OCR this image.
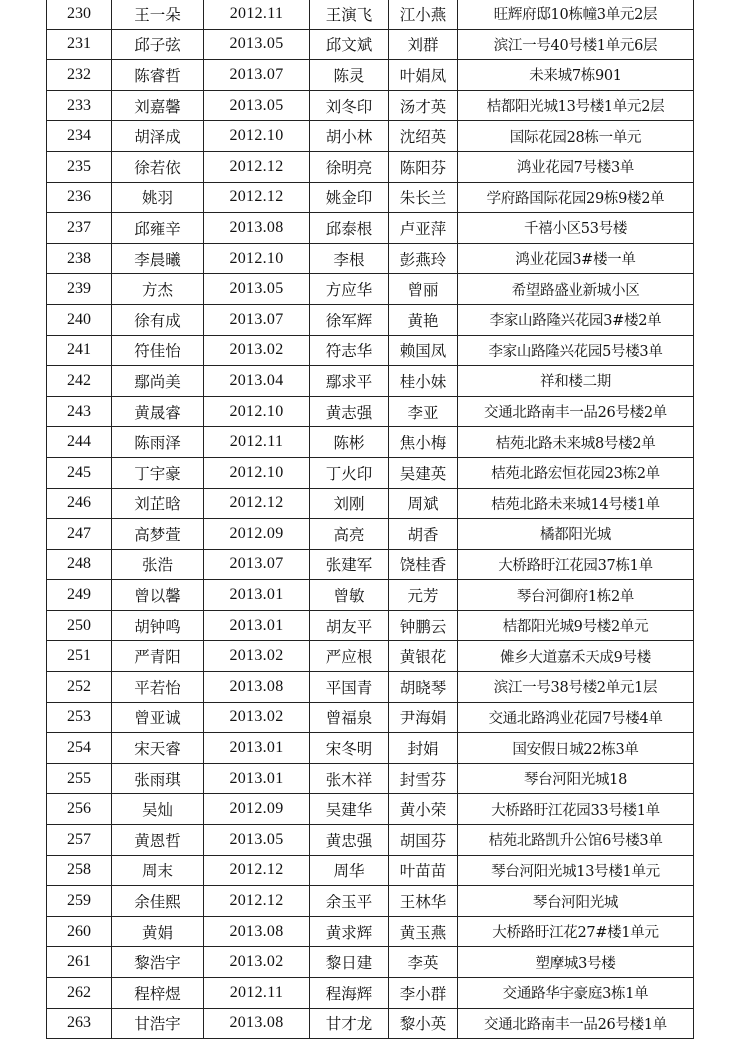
230	王一朵	2012.11	王演飞	江小燕	旺辉府邸10栋幢3单元2层
231	邱子弦	2013.05	邱文斌	刘群	滨江一号40号楼1单元6层
232	陈睿哲	2013.07	陈灵	叶娟凤	未来城7栋901
233	刘嘉馨	2013.05	刘冬印	汤才英	桔都阳光城13号楼1单元2层
234	胡泽成	2012.10	胡小林	沈绍英	国际花园28栋一单元
235	徐若依	2012.12	徐明亮	陈阳芬	鸿业花园7号楼3单
236	姚羽	2012.12	姚金印	朱长兰	学府路国际花园29栋9楼2单
237	邱雍辛	2013.08	邱泰根	卢亚萍	千禧小区53号楼
238	李晨曦	2012.10	李根	彭燕玲	鸿业花园3#楼一单
239	方杰	2013.05	方应华	曾丽	希望路盛业新城小区
240	徐有成	2013.07	徐军辉	黄艳	李家山路隆兴花园3#楼2单
241	符佳怡	2013.02	符志华	赖国凤	李家山路隆兴花园5号楼3单
242	鄢尚美	2013.04	鄢求平	桂小妹	祥和楼二期
243	黄晟睿	2012.10	黄志强	李亚	交通北路南丰一品26号楼2单
244	陈雨泽	2012.11	陈彬	焦小梅	桔苑北路未来城8号楼2单
245	丁宇豪	2012.10	丁火印	吴建英	桔苑北路宏恒花园23栋2单
246	刘芷晗	2012.12	刘刚	周斌	桔苑北路未来城14号楼1单
247	高梦萱	2012.09	高亮	胡香	橘都阳光城
248	张浩	2013.07	张建军	饶桂香	大桥路盱江花园37栋1单
249	曾以馨	2013.01	曾敏	元芳	琴台河御府1栋2单
250	胡钟鸣	2013.01	胡友平	钟鹏云	桔都阳光城9号楼2单元
251	严青阳	2013.02	严应根	黄银花	傩乡大道嘉禾天成9号楼
252	平若怡	2013.08	平国青	胡晓琴	滨江一号38号楼2单元1层
253	曾亚诚	2013.02	曾福泉	尹海娟	交通北路鸿业花园7号楼4单
254	宋天睿	2013.01	宋冬明	封娟	国安假日城22栋3单
255	张雨琪	2013.01	张木祥	封雪芬	琴台河阳光城18
256	吴灿	2012.09	吴建华	黄小荣	大桥路盱江花园33号楼1单
257	黄恩哲	2013.05	黄忠强	胡国芬	桔苑北路凯升公馆6号楼3单
258	周末	2012.12	周华	叶苗苗	琴台河阳光城13号楼1单元
259	余佳熙	2012.12	余玉平	王林华	琴台河阳光城
260	黄娟	2013.08	黄求辉	黄玉燕	大桥路盱江花27#楼1单元
261	黎浩宇	2013.02	黎日建	李英	塑摩城3号楼
262	程梓煜	2012.11	程海辉	李小群	交通路华宇豪庭3栋1单
263	甘浩宇	2013.08	甘才龙	黎小英	交通北路南丰一品26号楼1单
